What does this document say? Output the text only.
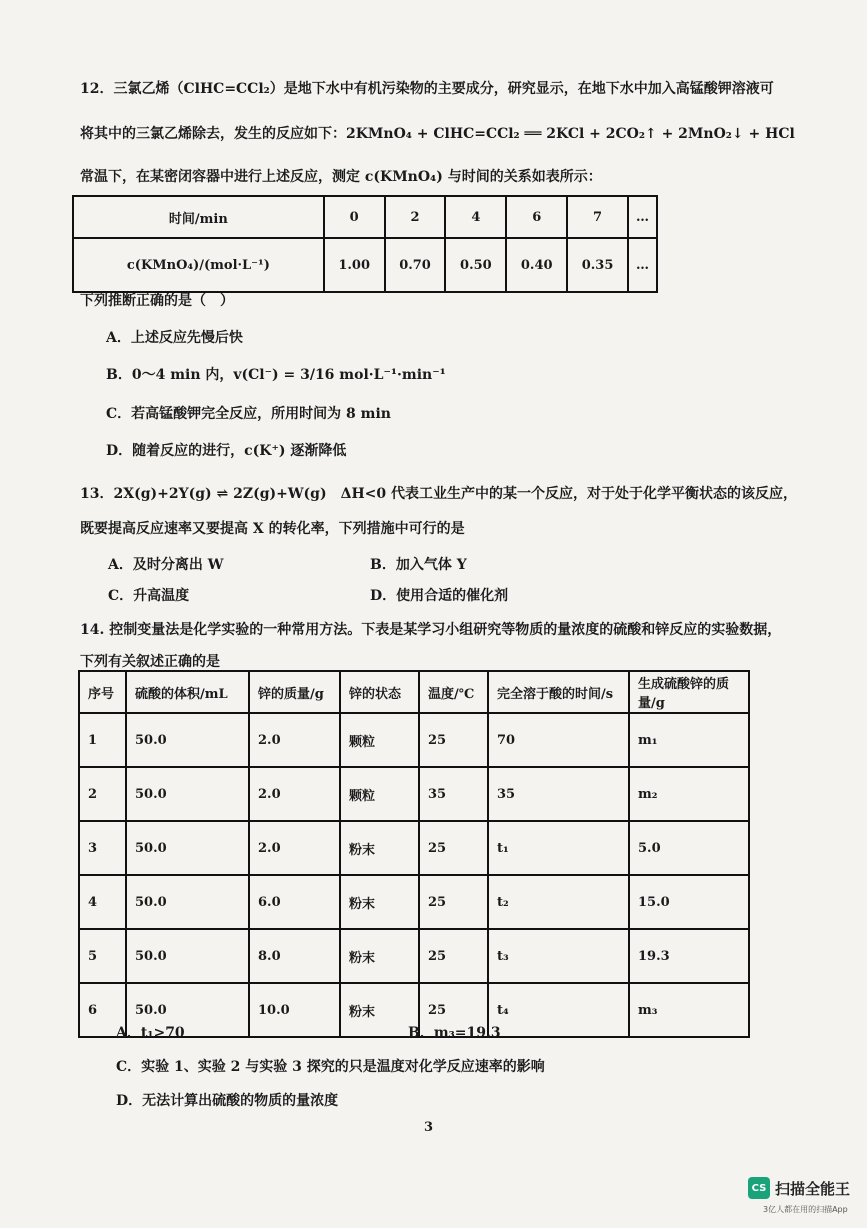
12．三氯乙烯（ClHC=CCl₂）是地下水中有机污染物的主要成分，研究显示，在地下水中加入高锰酸钾溶液可
将其中的三氯乙烯除去，发生的反应如下：2KMnO₄ + ClHC=CCl₂ ══ 2KCl + 2CO₂↑ + 2MnO₂↓ + HCl
常温下，在某密闭容器中进行上述反应，测定 c(KMnO₄) 与时间的关系如表所示：
时间/min	0	2	4	6	7	…
c(KMnO₄)/(mol·L⁻¹)	1.00	0.70	0.50	0.40	0.35	…
下列推断正确的是（　）
A．上述反应先慢后快
B．0～4 min 内，v(Cl⁻) = 3/16 mol·L⁻¹·min⁻¹
C．若高锰酸钾完全反应，所用时间为 8 min
D．随着反应的进行，c(K⁺) 逐渐降低
13．2X(g)+2Y(g) ⇌ 2Z(g)+W(g)　ΔH<0 代表工业生产中的某一个反应，对于处于化学平衡状态的该反应，
既要提高反应速率又要提高 X 的转化率，下列措施中可行的是
A．及时分离出 W	B．加入气体 Y
C．升高温度	D．使用合适的催化剂
14. 控制变量法是化学实验的一种常用方法。下表是某学习小组研究等物质的量浓度的硫酸和锌反应的实验数据，
下列有关叙述正确的是
序号	硫酸的体积/mL	锌的质量/g	锌的状态	温度/℃	完全溶于酸的时间/s	生成硫酸锌的质量/g
1	50.0	2.0	颗粒	25	70	m₁
2	50.0	2.0	颗粒	35	35	m₂
3	50.0	2.0	粉末	25	t₁	5.0
4	50.0	6.0	粉末	25	t₂	15.0
5	50.0	8.0	粉末	25	t₃	19.3
6	50.0	10.0	粉末	25	t₄	m₃
A．t₁>70	B．m₃=19.3
C．实验 1、实验 2 与实验 3 探究的只是温度对化学反应速率的影响
D．无法计算出硫酸的物质的量浓度
3
CS 扫描全能王
3亿人都在用的扫描App
